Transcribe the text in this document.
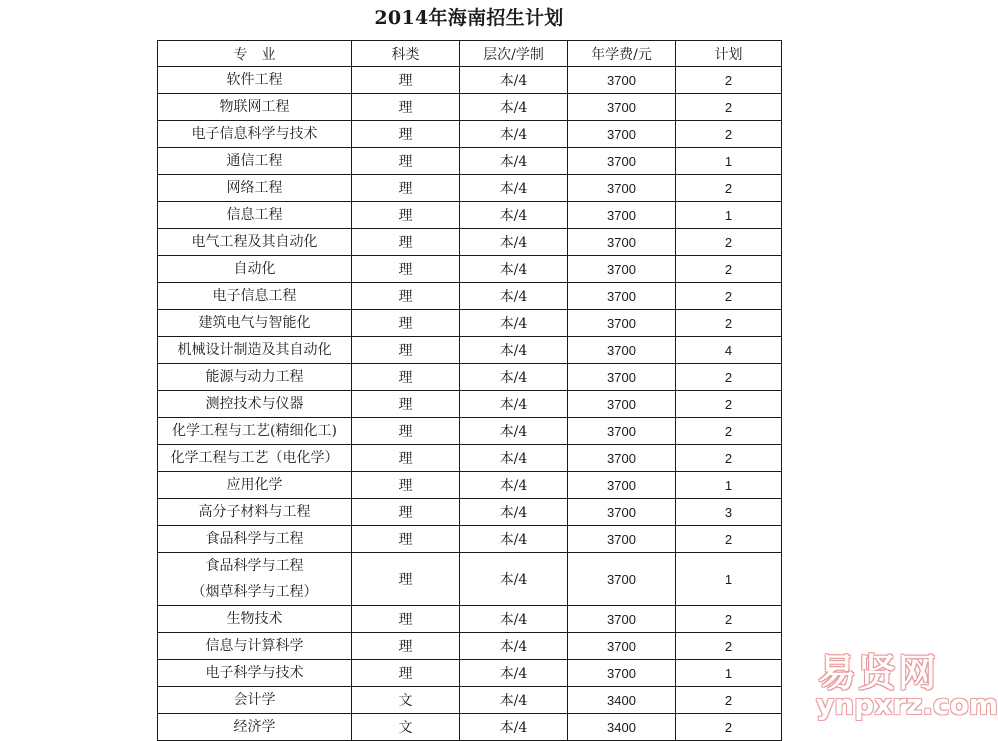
2014年海南招生计划
专　业	科类	层次/学制	年学费/元	计划

软件工程	理	本/4	3700	2

物联网工程	理	本/4	3700	2

电子信息科学与技术	理	本/4	3700	2

通信工程	理	本/4	3700	1

网络工程	理	本/4	3700	2

信息工程	理	本/4	3700	1

电气工程及其自动化	理	本/4	3700	2

自动化	理	本/4	3700	2

电子信息工程	理	本/4	3700	2

建筑电气与智能化	理	本/4	3700	2

机械设计制造及其自动化	理	本/4	3700	4

能源与动力工程	理	本/4	3700	2

测控技术与仪器	理	本/4	3700	2

化学工程与工艺(精细化工)	理	本/4	3700	2

化学工程与工艺（电化学）	理	本/4	3700	2

应用化学	理	本/4	3700	1

高分子材料与工程	理	本/4	3700	3

食品科学与工程	理	本/4	3700	2

食品科学与工程
（烟草科学与工程）	理	本/4	3700	1

生物技术	理	本/4	3700	2

信息与计算科学	理	本/4	3700	2

电子科学与技术	理	本/4	3700	1

会计学	文	本/4	3400	2

经济学	文	本/4	3400	2
易贤网
ynpxrz.com
